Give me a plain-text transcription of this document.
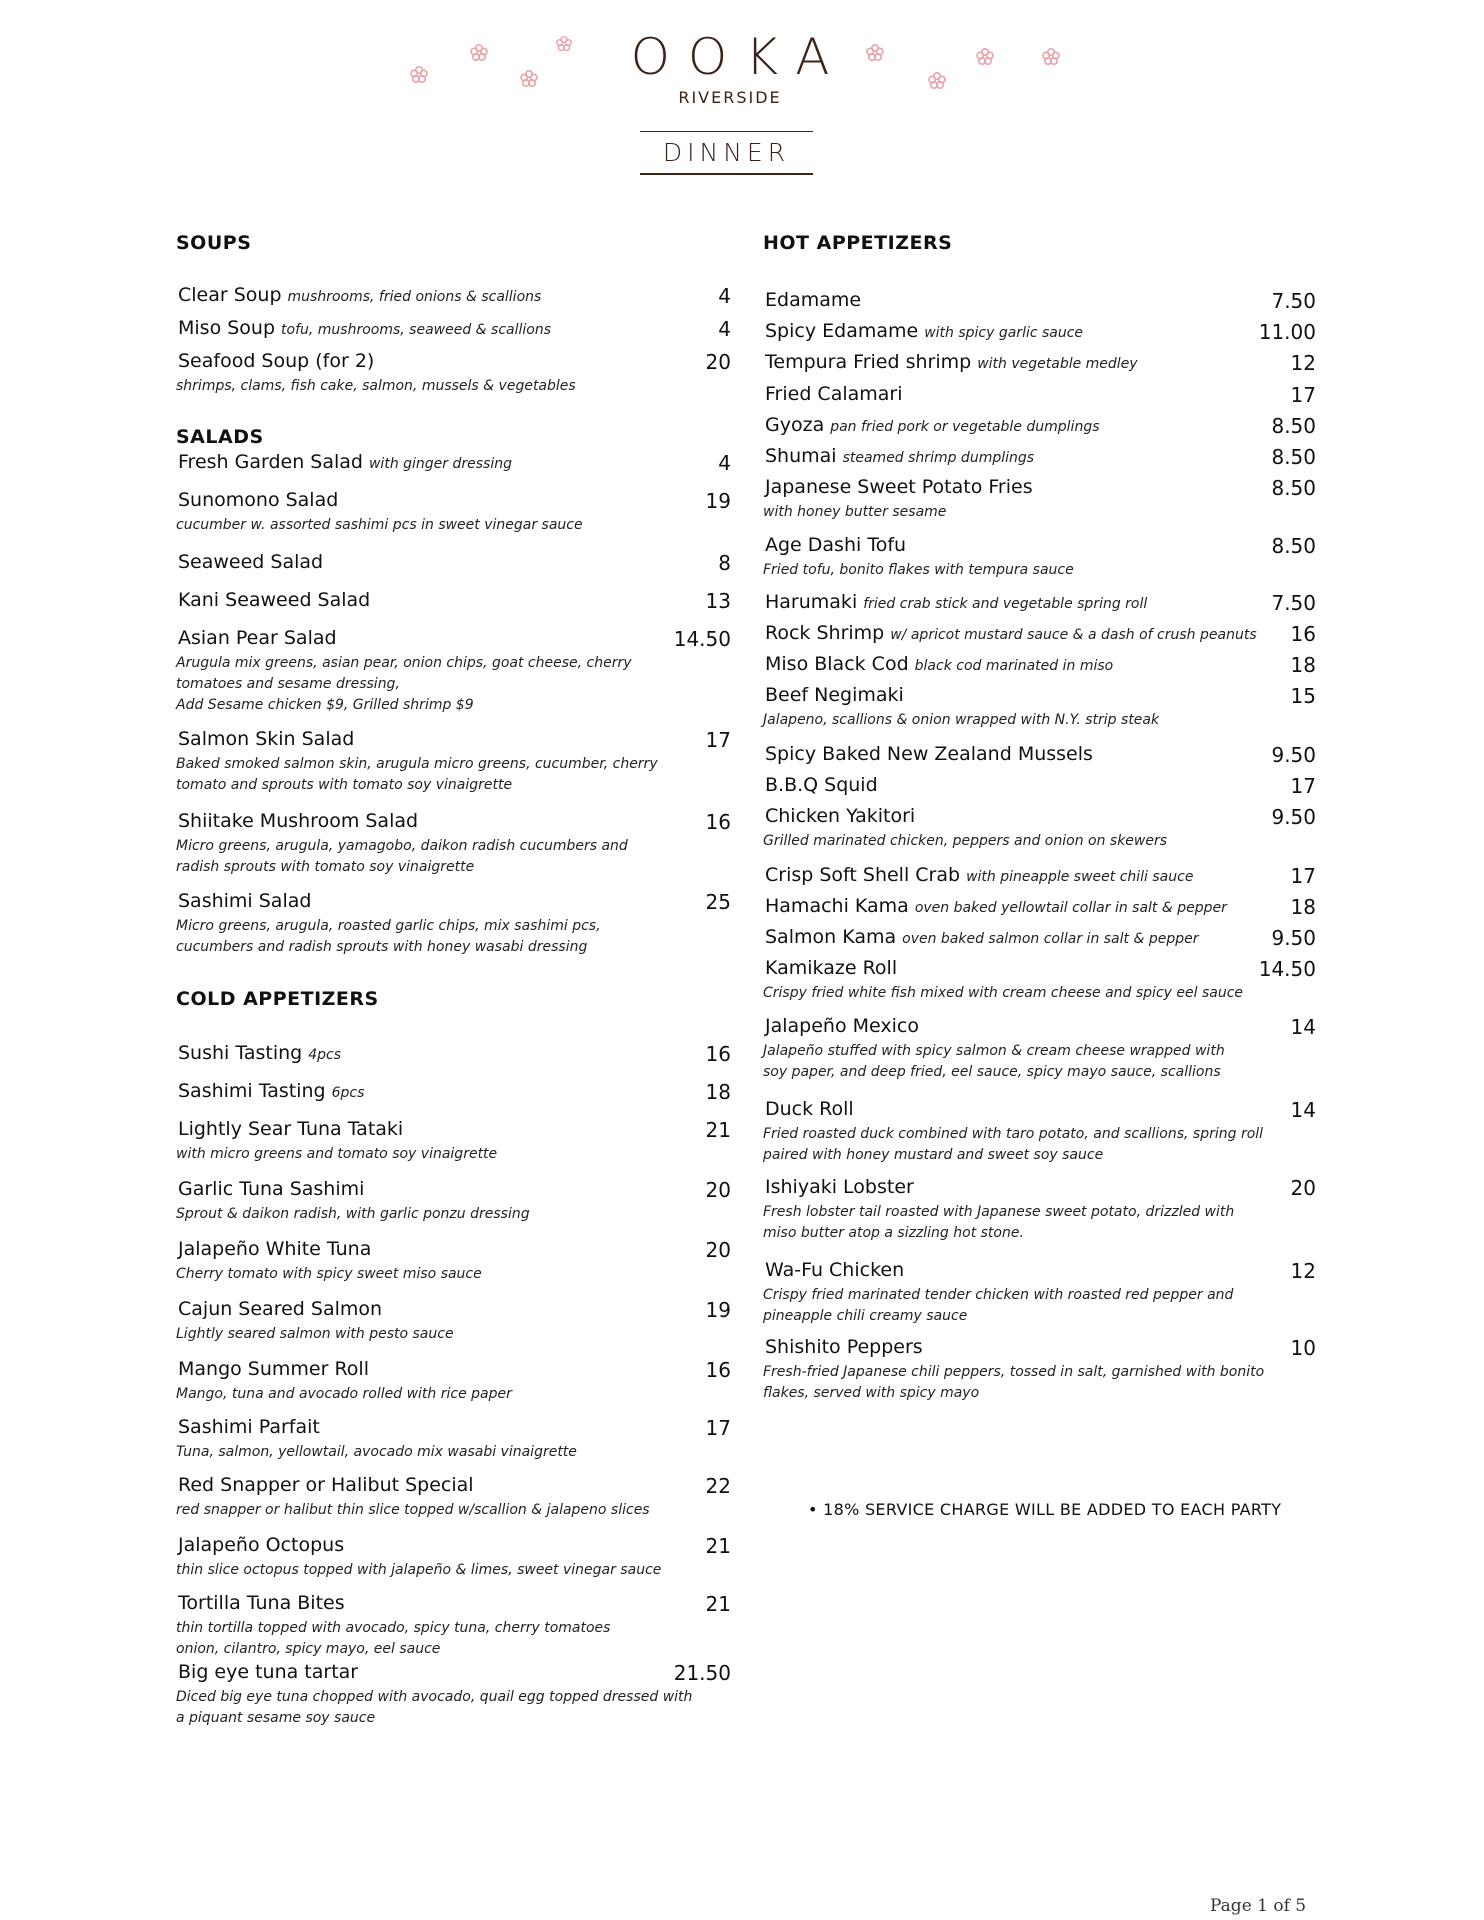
OOKA
RIVERSIDE
DINNER
SOUPS
Clear Soup mushrooms, fried onions & scallions	4
Miso Soup tofu, mushrooms, seaweed & scallions	4
Seafood Soup (for 2)	20
shrimps, clams, fish cake, salmon, mussels & vegetables
SALADS
Fresh Garden Salad with ginger dressing	4
Sunomono Salad	19
cucumber w. assorted sashimi pcs in sweet vinegar sauce
Seaweed Salad	8
Kani Seaweed Salad	13
Asian Pear Salad	14.50
Arugula mix greens, asian pear, onion chips, goat cheese, cherry
tomatoes and sesame dressing,
Add Sesame chicken $9, Grilled shrimp $9
Salmon Skin Salad	17
Baked smoked salmon skin, arugula micro greens, cucumber, cherry
tomato and sprouts with tomato soy vinaigrette
Shiitake Mushroom Salad	16
Micro greens, arugula, yamagobo, daikon radish cucumbers and
radish sprouts with tomato soy vinaigrette
Sashimi Salad	25
Micro greens, arugula, roasted garlic chips, mix sashimi pcs,
cucumbers and radish sprouts with honey wasabi dressing
COLD APPETIZERS
Sushi Tasting 4pcs	16
Sashimi Tasting 6pcs	18
Lightly Sear Tuna Tataki	21
with micro greens and tomato soy vinaigrette
Garlic Tuna Sashimi	20
Sprout & daikon radish, with garlic ponzu dressing
Jalapeño White Tuna	20
Cherry tomato with spicy sweet miso sauce
Cajun Seared Salmon	19
Lightly seared salmon with pesto sauce
Mango Summer Roll	16
Mango, tuna and avocado rolled with rice paper
Sashimi Parfait	17
Tuna, salmon, yellowtail, avocado mix wasabi vinaigrette
Red Snapper or Halibut Special	22
red snapper or halibut thin slice topped w/scallion & jalapeno slices
Jalapeño Octopus	21
thin slice octopus topped with jalapeño & limes, sweet vinegar sauce
Tortilla Tuna Bites	21
thin tortilla topped with avocado, spicy tuna, cherry tomatoes
onion, cilantro, spicy mayo, eel sauce
Big eye tuna tartar	21.50
Diced big eye tuna chopped with avocado, quail egg topped dressed with
a piquant sesame soy sauce
HOT APPETIZERS
Edamame	7.50
Spicy Edamame with spicy garlic sauce	11.00
Tempura Fried shrimp with vegetable medley	12
Fried Calamari	17
Gyoza pan fried pork or vegetable dumplings	8.50
Shumai steamed shrimp dumplings	8.50
Japanese Sweet Potato Fries	8.50
with honey butter sesame
Age Dashi Tofu	8.50
Fried tofu, bonito flakes with tempura sauce
Harumaki fried crab stick and vegetable spring roll	7.50
Rock Shrimp w/ apricot mustard sauce & a dash of crush peanuts 16
Miso Black Cod black cod marinated in miso	18
Beef Negimaki	15
Jalapeno, scallions & onion wrapped with N.Y. strip steak
Spicy Baked New Zealand Mussels	9.50
B.B.Q Squid	17
Chicken Yakitori	9.50
Grilled marinated chicken, peppers and onion on skewers
Crisp Soft Shell Crab with pineapple sweet chili sauce	17
Hamachi Kama oven baked yellowtail collar in salt & pepper	18
Salmon Kama oven baked salmon collar in salt & pepper	9.50
Kamikaze Roll	14.50
Crispy fried white fish mixed with cream cheese and spicy eel sauce
Jalapeño Mexico	14
Jalapeño stuffed with spicy salmon & cream cheese wrapped with
soy paper, and deep fried, eel sauce, spicy mayo sauce, scallions
Duck Roll	14
Fried roasted duck combined with taro potato, and scallions, spring roll
paired with honey mustard and sweet soy sauce
Ishiyaki Lobster	20
Fresh lobster tail roasted with Japanese sweet potato, drizzled with
miso butter atop a sizzling hot stone.
Wa-Fu Chicken	12
Crispy fried marinated tender chicken with roasted red pepper and
pineapple chili creamy sauce
Shishito Peppers	10
Fresh-fried Japanese chili peppers, tossed in salt, garnished with bonito
flakes, served with spicy mayo
• 18% SERVICE CHARGE WILL BE ADDED TO EACH PARTY
Page 1 of 5
